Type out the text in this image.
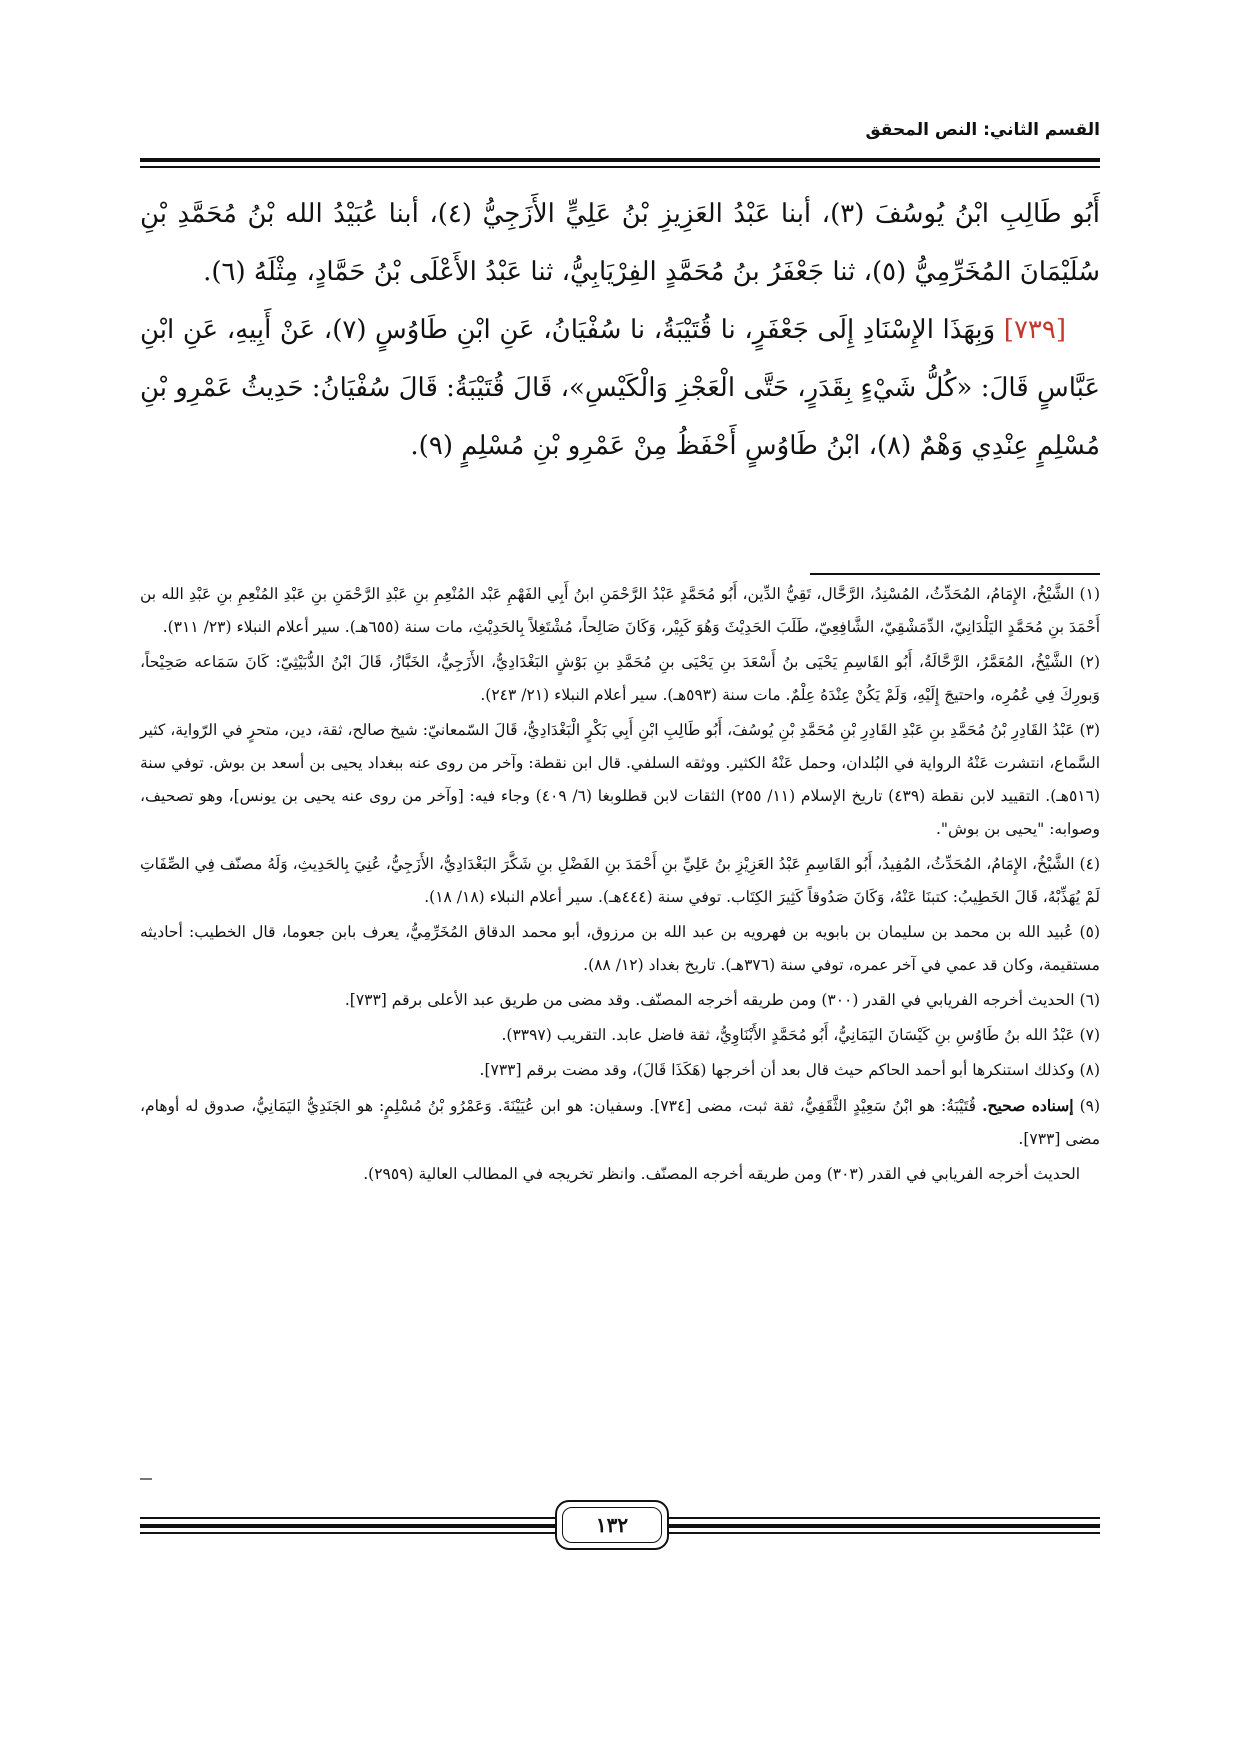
القسم الثاني: النص المحقق

أَبُو طَالِبِ ابْنُ يُوسُفَ (٣)، أبنا عَبْدُ العَزِيزِ بْنُ عَلِيٍّ الأَزَجِيُّ (٤)، أبنا عُبَيْدُ الله بْنُ مُحَمَّدِ بْنِ سُلَيْمَانَ المُخَرِّمِيُّ (٥)، ثنا جَعْفَرُ بنُ مُحَمَّدٍ الفِرْيَابِيُّ، ثنا عَبْدُ الأَعْلَى بْنُ حَمَّادٍ، مِثْلَهُ (٦).

[٧٣٩] وَبِهَذَا الإِسْنَادِ إِلَى جَعْفَرٍ، نا قُتَيْبَةُ، نا سُفْيَانُ، عَنِ ابْنِ طَاوُسٍ (٧)، عَنْ أَبِيهِ، عَنِ ابْنِ عَبَّاسٍ قَالَ: «كُلُّ شَيْءٍ بِقَدَرٍ، حَتَّى الْعَجْزِ وَالْكَيْسِ»، قَالَ قُتَيْبَةُ: قَالَ سُفْيَانُ: حَدِيثُ عَمْرِو بْنِ مُسْلِمٍ عِنْدِي وَهْمٌ (٨)، ابْنُ طَاوُسٍ أَحْفَظُ مِنْ عَمْرِو بْنِ مُسْلِمٍ (٩).

(١) الشَّيْخُ، الإِمَامُ، المُحَدِّثُ، المُسْنِدُ، الرَّحَّال، تَقِيُّ الدِّين، أَبُو مُحَمَّدٍ عَبْدُ الرَّحْمَنِ ابنُ أَبِي الفَهْمِ عَبْد المُنْعِمِ بنِ عَبْدِ الرَّحْمَنِ بنِ عَبْدِ المُنْعِمِ بنِ عَبْدِ الله بن أَحْمَدَ بنِ مُحَمَّدٍ اليَلْدَانِيّ، الدِّمَشْقِيّ، الشَّافِعِيّ، طَلَبَ الحَدِيْثَ وَهُوَ كَبِيْر، وَكَانَ صَالِحاً، مُشْتَغِلاً بِالحَدِيْثِ، مات سنة (٦٥٥هـ). سير أعلام النبلاء (٢٣/ ٣١١).

(٢) الشَّيْخُ، المُعَمَّرُ، الرَّحَّالَةُ، أَبُو القَاسِمِ يَحْيَى بنُ أَسْعَدَ بنِ يَحْيَى بنِ مُحَمَّدِ بنِ بَوْشٍ البَغْدَادِيُّ، الأَزَجِيُّ، الخَبَّازُ، قَالَ ابْنُ الدُّبَيْثِيّ: كَانَ سَمَاعه صَحِيْحاً، وَبورِكَ فِي عُمُرِه، واحتيجَ إِلَيْهِ، وَلَمْ يَكُنْ عِنْدَهُ عِلْمٌ. مات سنة (٥٩٣هـ). سير أعلام النبلاء (٢١/ ٢٤٣).

(٣) عَبْدُ القَادِرِ بْنُ مُحَمَّدِ بنِ عَبْدِ القَادِرِ بْنِ مُحَمَّدِ بْنِ يُوسُفَ، أَبُو طَالِبِ ابْنِ أَبِي بَكْرٍ الْبَغْدَادِيُّ، قَالَ السّمعانيّ: شيخ صالح، ثقة، دين، متحرٍ في الرّواية، كثير السَّماع، انتشرت عَنْهُ الرواية في البُلدان، وحمل عَنْهُ الكثير. ووثقه السلفي. قال ابن نقطة: وآخر من روى عنه ببغداد يحيى بن أسعد بن بوش. توفي سنة (٥١٦هـ). التقييد لابن نقطة (٤٣٩) تاريخ الإسلام (١١/ ٢٥٥) الثقات لابن قطلوبغا (٦/ ٤٠٩) وجاء فيه: [وآخر من روى عنه يحيى بن يونس]، وهو تصحيف، وصوابه: "يحيى بن بوش".

(٤) الشَّيْخُ، الإِمَامُ، المُحَدِّثُ، المُفِيدُ، أَبُو القَاسِمِ عَبْدُ العَزِيْزِ بنُ عَلِيِّ بنِ أَحْمَدَ بنِ الفَضْلِ بنِ شَكَّرَ البَغْدَادِيُّ، الأَزَجِيُّ، عُنِيَ بِالحَدِيثِ، وَلَهُ مصنّف فِي الصِّفَاتِ لَمْ يُهَذِّبْهُ، قَالَ الخَطِيبُ: كتبنَا عَنْهُ، وَكَانَ صَدُوقاً كَثِيرَ الكِتَاب. توفي سنة (٤٤٤هـ). سير أعلام النبلاء (١٨/ ١٨).

(٥) عُبيد الله بن محمد بن سليمان بن بابويه بن فهرويه بن عبد الله بن مرزوق، أبو محمد الدقاق المُخَرِّمِيُّ، يعرف بابن جعوما، قال الخطيب: أحاديثه مستقيمة، وكان قد عمي في آخر عمره، توفي سنة (٣٧٦هـ). تاريخ بغداد (١٢/ ٨٨).

(٦) الحديث أخرجه الفريابي في القدر (٣٠٠) ومن طريقه أخرجه المصنّف. وقد مضى من طريق عبد الأعلى برقم [٧٣٣].

(٧) عَبْدُ الله بنُ طَاوُسِ بنِ كَيْسَانَ اليَمَانِيُّ، أَبُو مُحَمَّدٍ الأَبْنَاوِيُّ، ثقة فاضل عابد. التقريب (٣٣٩٧).

(٨) وكذلك استنكرها أبو أحمد الحاكم حيث قال بعد أن أخرجها (هَكَذَا قَالَ)، وقد مضت برقم [٧٣٣].

(٩) إسناده صحيح. قُتَيْبَةُ: هو ابْنُ سَعِيْدٍ الثَّقَفِيُّ، ثقة ثبت، مضى [٧٣٤]. وسفيان: هو ابن عُيَيْنَةَ. وَعَمْرُو بْنُ مُسْلِمٍ: هو الجَنَدِيُّ اليَمَانِيُّ، صدوق له أوهام، مضى [٧٣٣].

الحديث أخرجه الفريابي في القدر (٣٠٣) ومن طريقه أخرجه المصنّف. وانظر تخريجه في المطالب العالية (٢٩٥٩).

١٣٢
